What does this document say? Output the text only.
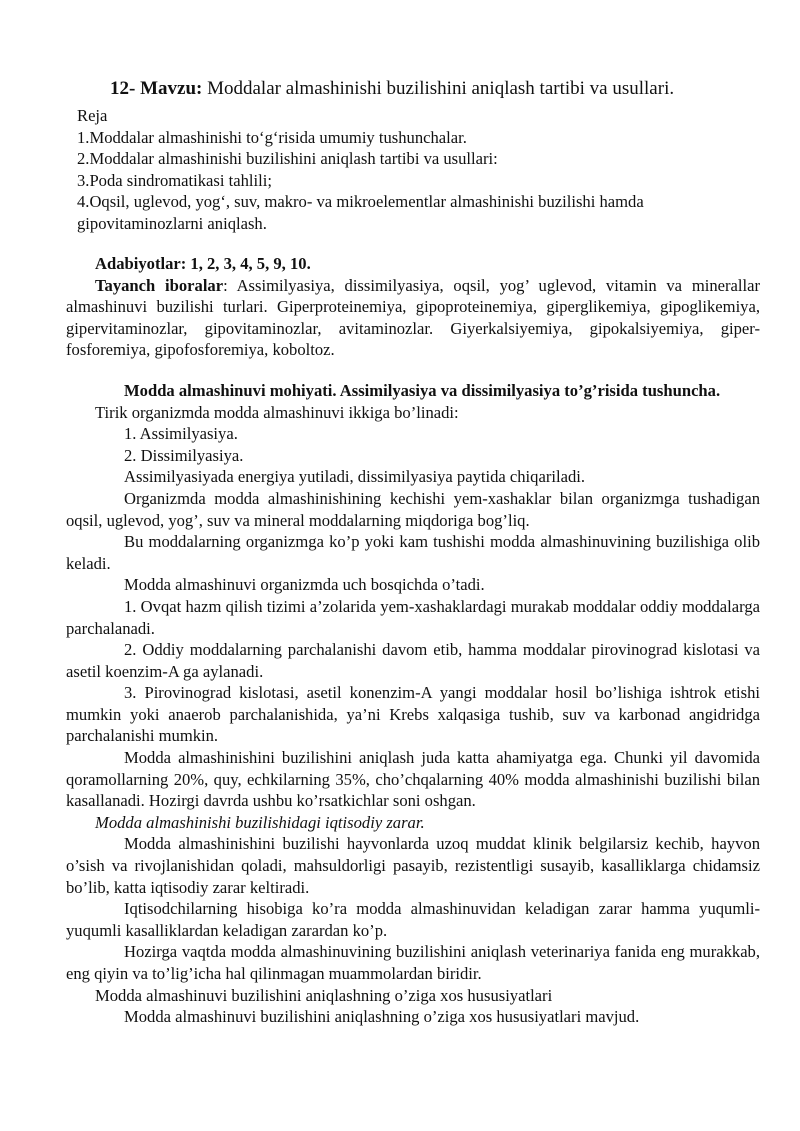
12- Mavzu: Moddalar almashinishi buzilishini aniqlash tartibi va usullari.
Reja
1.Moddalar almashinishi to‘g‘risida umumiy tushunchalar.
2.Moddalar almashinishi buzilishini aniqlash tartibi va usullari:
3.Poda sindromatikasi tahlili;
4.Oqsil, uglevod, yog‘, suv, makro- va mikroelementlar almashinishi buzilishi hamda gipovitaminozlarni aniqlash.

Adabiyotlar: 1, 2, 3, 4, 5, 9, 10.

Tayanch iboralar: Assimilyasiya, dissimilyasiya, oqsil, yog’ uglevod, vitamin va minerallar almashinuvi buzilishi turlari. Giperproteinemiya, gipoproteinemiya, giperglikemiya, gipoglikemiya, gipervitaminozlar, gipovitaminozlar, avitaminozlar. Giyerkalsiyemiya, gipokalsiyemiya, giper-fosforemiya, gipofosforemiya, koboltoz.

Modda almashinuvi mohiyati. Assimilyasiya va dissimilyasiya to’g’risida tushuncha.

Tirik organizmda modda almashinuvi ikkiga bo’linadi:

1. Assimilyasiya.

2. Dissimilyasiya.

Assimilyasiyada energiya yutiladi, dissimilyasiya paytida chiqariladi.

Organizmda modda almashinishining kechishi yem-xashaklar bilan organizmga tushadigan oqsil, uglevod, yog’, suv va mineral moddalarning miqdoriga bog’liq.

Bu moddalarning organizmga ko’p yoki kam tushishi modda almashinuvining buzilishiga olib keladi.

Modda almashinuvi organizmda uch bosqichda o’tadi.

1. Ovqat hazm qilish tizimi a’zolarida yem-xashaklardagi murakab moddalar oddiy moddalarga parchalanadi.

2. Oddiy moddalarning parchalanishi davom etib, hamma moddalar pirovinograd kislotasi va asetil koenzim-A ga aylanadi.

3. Pirovinograd kislotasi, asetil konenzim-A yangi moddalar hosil bo’lishiga ishtrok etishi mumkin yoki anaerob parchalanishida, ya’ni Krebs xalqasiga tushib, suv va karbonad angidridga parchalanishi mumkin.

Modda almashinishini buzilishini aniqlash juda katta ahamiyatga ega. Chunki yil davomida qoramollarning 20%, quy, echkilarning 35%, cho’chqalarning 40% modda almashinishi buzilishi bilan kasallanadi. Hozirgi davrda ushbu ko’rsatkichlar soni oshgan.

Modda almashinishi buzilishidagi iqtisodiy zarar.

Modda almashinishini buzilishi hayvonlarda uzoq muddat klinik belgilarsiz kechib, hayvon o’sish va rivojlanishidan qoladi, mahsuldorligi pasayib, rezistentligi susayib, kasalliklarga chidamsiz bo’lib, katta iqtisodiy zarar keltiradi.

Iqtisodchilarning hisobiga ko’ra modda almashinuvidan keladigan zarar hamma yuqumli-yuqumli kasalliklardan keladigan zarardan ko’p.

Hozirga vaqtda modda almashinuvining buzilishini aniqlash veterinariya fanida eng murakkab, eng qiyin va to’lig’icha hal qilinmagan muammolardan biridir.

Modda almashinuvi buzilishini aniqlashning o’ziga xos hususiyatlari

Modda almashinuvi buzilishini aniqlashning o’ziga xos hususiyatlari mavjud.
